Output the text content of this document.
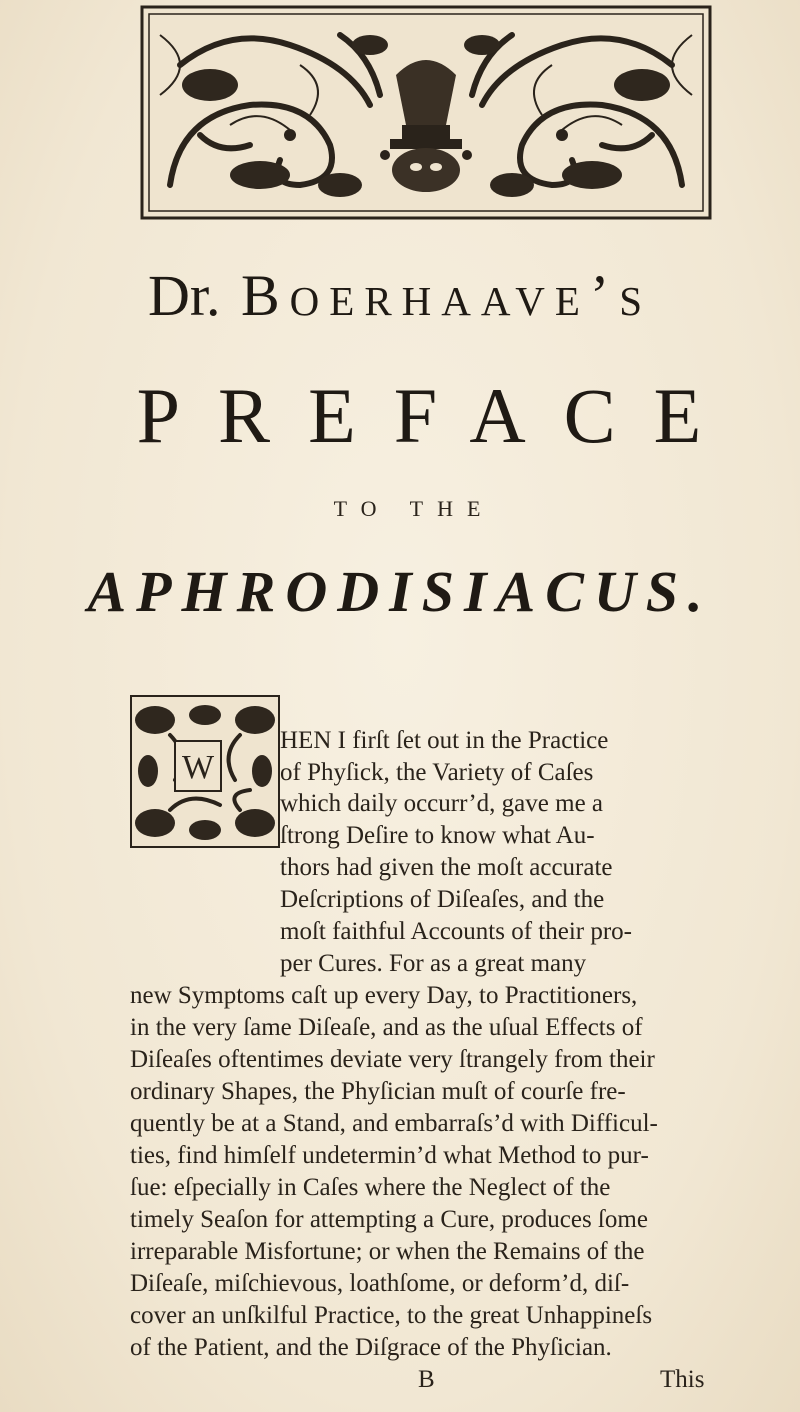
Dr. Boerhaave’s
PREFACE
TO THE
APHRODISIACUS.
W
HEN I firſt ſet out in the Practice
of Phyſick, the Variety of Caſes
which daily occurr’d, gave me a
ſtrong Deſire to know what Au-
thors had given the moſt accurate
Deſcriptions of Diſeaſes, and the
moſt faithful Accounts of their pro-
per Cures. For as a great many
new Symptoms caſt up every Day, to Practitioners,
in the very ſame Diſeaſe, and as the uſual Effects of
Diſeaſes oftentimes deviate very ſtrangely from their
ordinary Shapes, the Phyſician muſt of courſe fre-
quently be at a Stand, and embarraſs’d with Difficul-
ties, find himſelf undetermin’d what Method to pur-
ſue: eſpecially in Caſes where the Neglect of the
timely Seaſon for attempting a Cure, produces ſome
irreparable Misfortune; or when the Remains of the
Diſeaſe, miſchievous, loathſome, or deform’d, diſ-
cover an unſkilful Practice, to the great Unhappineſs
of the Patient, and the Diſgrace of the Phyſician.
B	This
